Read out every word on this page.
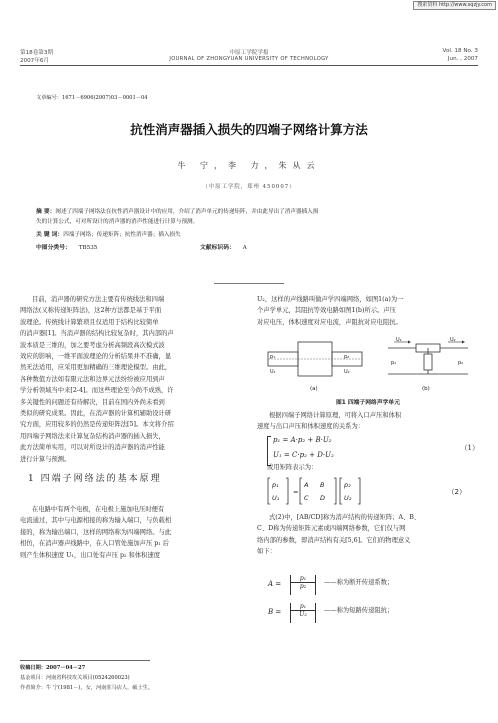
搜索资料 http://www.sqzjy.com
第18卷第3期
2007年6月
中原工学院学报
JOURNAL OF ZHONGYUAN UNIVERSITY OF TECHNOLOGY
Vol. 18 No. 3
Jun. , 2007
文章编号：1671－6906(2007)03－0001－04
抗性消声器插入损失的四端子网络计算方法
牛 宁，李 力，朱从云
（中原工学院，郑州 450007）
摘 要：阐述了四端子网络法在抗性消声器设计中的应用，介绍了消声单元的传递矩阵，并由此导出了消声器插入损
失的计算公式，可对所设计的消声器的消声性能进行计算与预测。
关 键 词：四端子网络；传递矩阵；抗性消声器；插入损失
中图分类号： TB535	文献标识码： A
目前，消声器的研究方法主要有传统线法和四端
网络法(又称传递矩阵法)，这2种方法都是基于平面
波理论。传统线计算繁琐且仅适用于结构比较简单
的消声器[1]。当消声器的结构比较复杂时，其内部的声
波本质是三维的，加之要考虑分析高频段高次模式波
效应的影响，一维平面波理论的分析结果并不准确，显
然无法适用，应采用更加精确的三维理论模型。由此，
各种数值方法如有限元法和边界元法纷纷被应用到声
学分析领域当中来[2-4]。而这些理论至今尚不成熟，许
多关键性的问题还有待解决，目前在国内外尚未看到
类似的研究成果。因此，在消声器的计算机辅助设计研
究方面，应用较多的仍然是传递矩阵法[5]。本文将介绍
用四端子网络法来计算复杂结构消声器的插入损失，
此方法简单实用，可以对所设计的消声器的消声性能
进行计算与预测。
1 四端子网络法的基本原理
在电路中有两个电极，在电极上施加电压时便有
电流通过，其中与电源相接的称为输入端口，与负载相
接的，称为输出端口，这样的网络称为四端网络。与此
相仿，在消声器声线路中，在入口管处施加声压 p₁ 后
则产生体积速度 U₁，出口处有声压 p₂ 和体积速度
U₂，这样的声线路叫做声学四端网络，如图1(a)为一
个声学单元，其阻抗等效电路如图1(b)所示。声压
对应电压，体积速度对应电流，声阻抗对应电阻抗。
p₁
U₁
p₂
U₂
(a)
U₁	U₂
p₁	p₂
(b)
图1 四端子网络声学单元
根据四端子网络计算原理，可将入口声压和体积
速度与出口声压和体积速度的关系为：
p₁ = A·p₂ + B·U₂
U₁ = C·p₂ + D·U₂
（1）
或用矩阵表示为：
p₁
U₁
=
A B
C D
p₂
U₂
（2）
式(2)中，[AB/CD]称为消声结构的传递矩阵；A、B、
C、D称为传递矩阵元素或四端网络参数，它们仅与网
络内部的参数，即消声结构有关[5,6]。它们的物理意义
如下：
A =
p₁
p₂
——称为断开传递系数；
B =
p₁
U₂
——称为短路传递阻抗；
收稿日期：2007－04－27
基金项目：河南省科技攻关项目(0524260023)
作者简介：牛 宁(1981－)，女，河南驻马店人，硕士生。
